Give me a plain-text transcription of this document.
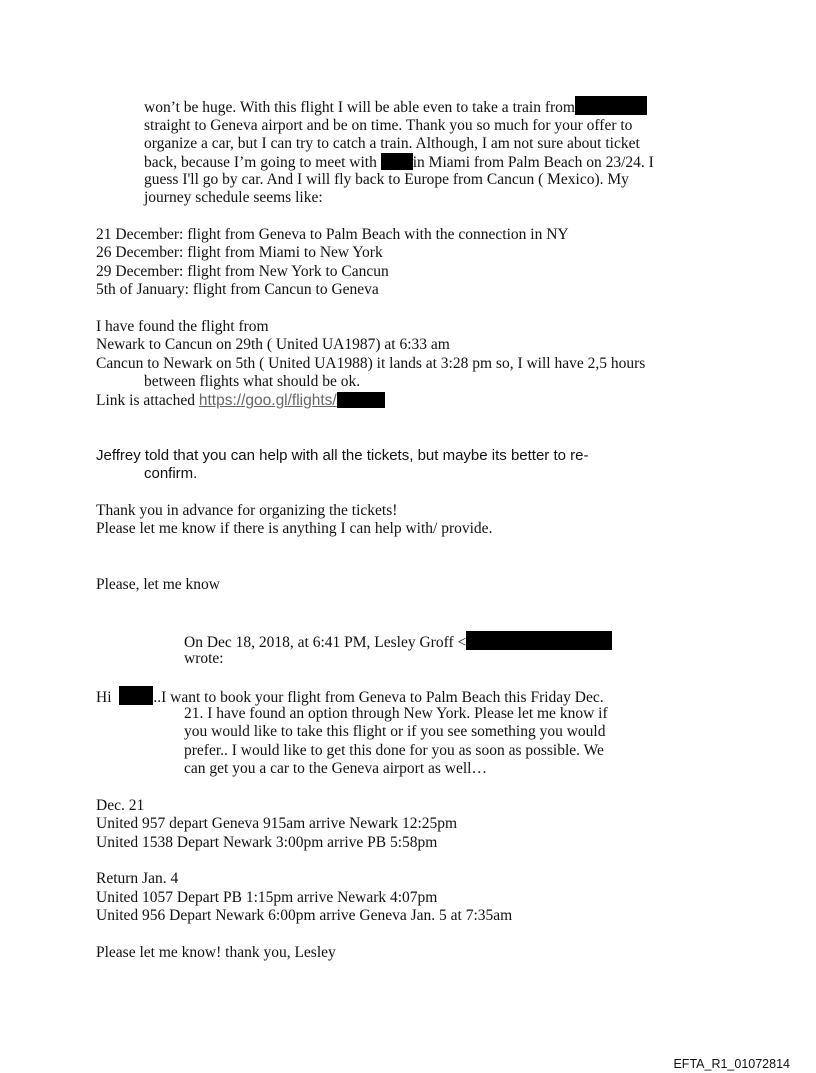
won’t be huge. With this flight I will be able even to take a train from
straight to Geneva airport and be on time. Thank you so much for your offer to
organize a car, but I can try to catch a train. Although, I am not sure about ticket
back, because I’m going to meet with in Miami from Palm Beach on 23/24. I
guess I'll go by car. And I will fly back to Europe from Cancun ( Mexico). My
journey schedule seems like:
21 December: flight from Geneva to Palm Beach with the connection in NY
26 December: flight from Miami to New York
29 December: flight from New York to Cancun
5th of January: flight from Cancun to Geneva
I have found the flight from
Newark to Cancun on 29th ( United UA1987) at 6:33 am
Cancun to Newark on 5th ( United UA1988) it lands at 3:28 pm so, I will have 2,5 hours
between flights what should be ok.
Link is attached https://goo.gl/flights/
Jeffrey told that you can help with all the tickets, but maybe its better to re-
confirm.
Thank you in advance for organizing the tickets!
Please let me know if there is anything I can help with/ provide.
Please, let me know
On Dec 18, 2018, at 6:41 PM, Lesley Groff <
wrote:
Hi	..I want to book your flight from Geneva to Palm Beach this Friday Dec.
21. I have found an option through New York. Please let me know if
you would like to take this flight or if you see something you would
prefer.. I would like to get this done for you as soon as possible. We
can get you a car to the Geneva airport as well…
Dec. 21
United 957 depart Geneva 915am arrive Newark 12:25pm
United 1538 Depart Newark 3:00pm arrive PB 5:58pm
Return Jan. 4
United 1057 Depart PB 1:15pm arrive Newark 4:07pm
United 956 Depart Newark 6:00pm arrive Geneva Jan. 5 at 7:35am
Please let me know! thank you, Lesley
EFTA_R1_01072814
